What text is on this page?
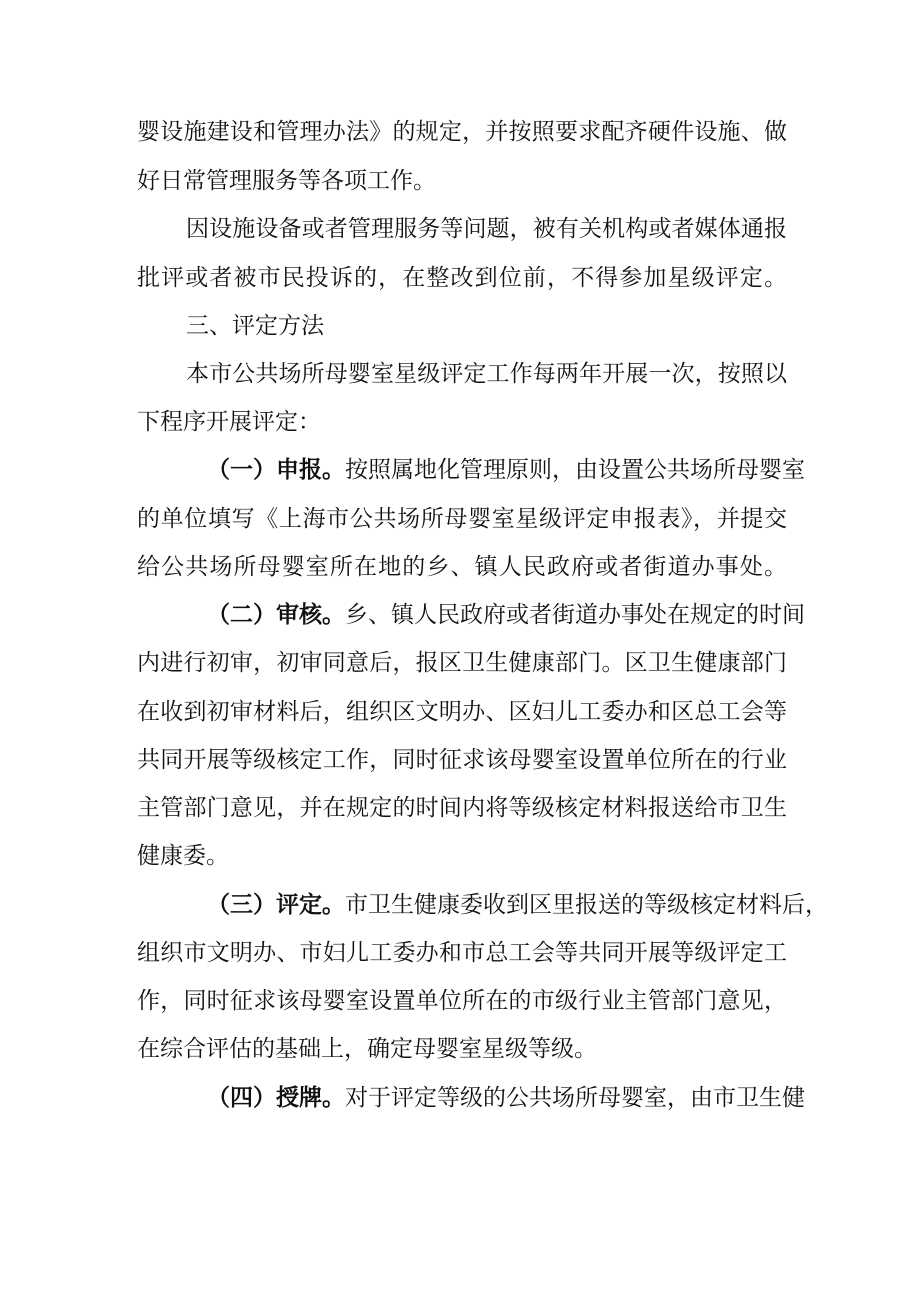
婴设施建设和管理办法》的规定，并按照要求配齐硬件设施、做
好日常管理服务等各项工作。
因设施设备或者管理服务等问题，被有关机构或者媒体通报
批评或者被市民投诉的，在整改到位前，不得参加星级评定。
三、评定方法
本市公共场所母婴室星级评定工作每两年开展一次，按照以
下程序开展评定：
（一）申报。 按照属地化管理原则，由设置公共场所母婴室
的单位填写《上海市公共场所母婴室星级评定申报表》，并提交
给公共场所母婴室所在地的乡、镇人民政府或者街道办事处。
（二）审核。 乡、镇人民政府或者街道办事处在规定的时间
内进行初审，初审同意后，报区卫生健康部门。区卫生健康部门
在收到初审材料后，组织区文明办、区妇儿工委办和区总工会等
共同开展等级核定工作，同时征求该母婴室设置单位所在的行业
主管部门意见，并在规定的时间内将等级核定材料报送给市卫生
健康委。
（三）评定。 市卫生健康委收到区里报送的等级核定材料后，
组织市文明办、市妇儿工委办和市总工会等共同开展等级评定工
作，同时征求该母婴室设置单位所在的市级行业主管部门意见，
在综合评估的基础上，确定母婴室星级等级。
（四）授牌。 对于评定等级的公共场所母婴室，由市卫生健
